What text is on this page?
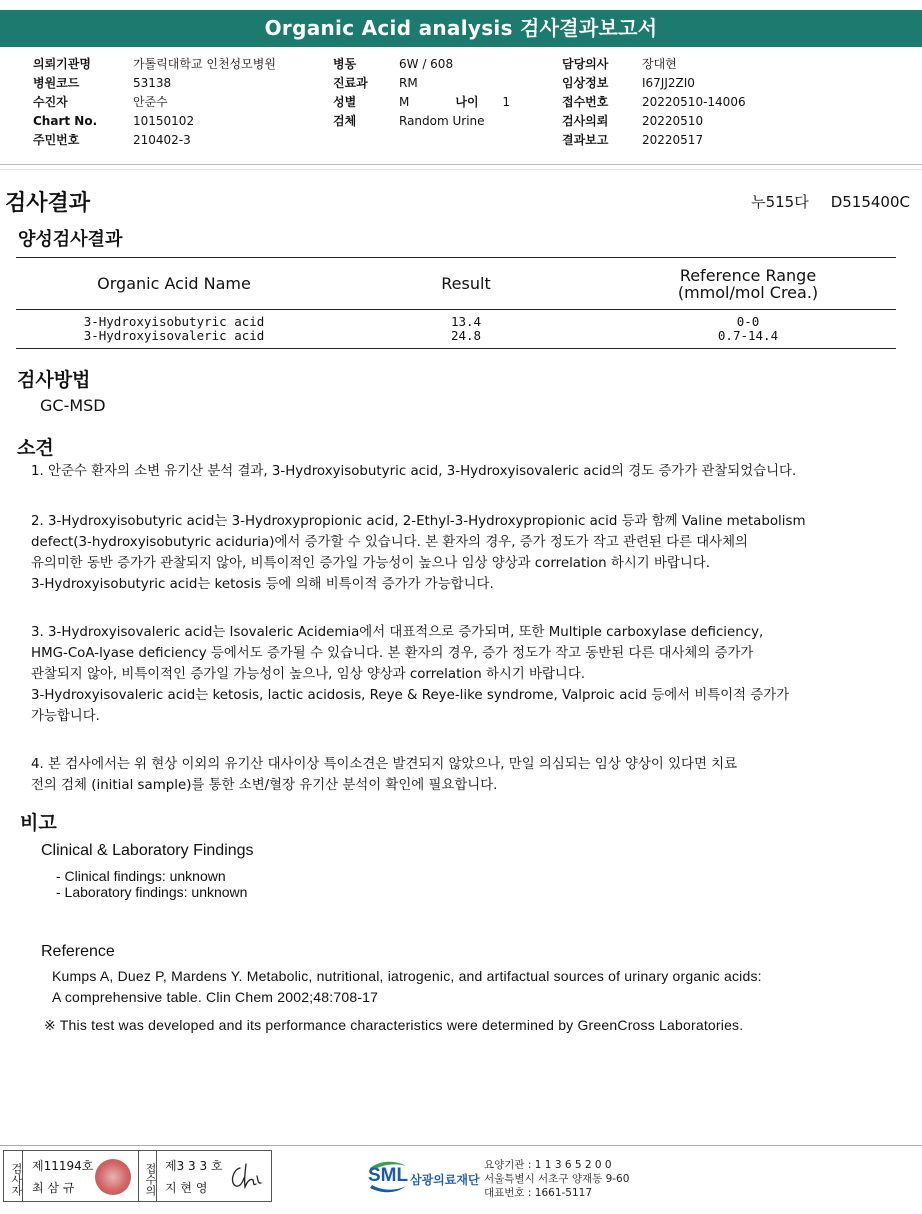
Organic Acid analysis 검사결과보고서
의뢰기관명	가톨릭대학교 인천성모병원
병원코드	53138
수진자	안준수
Chart No.	10150102
주민번호	210402-3
병동	6W / 608
진료과	RM
성별	M	나이 1
검체	Random Urine
담당의사	장대현
임상정보	I67JJ2ZI0
접수번호	20220510-14006
검사의뢰	20220510
결과보고	20220517
검사결과	누515다 D515400C
양성검사결과
Organic Acid Name	Result	Reference Range
(mmol/mol Crea.)

3-Hydroxyisobutyric acid	13.4	0-0
3-Hydroxyisovaleric acid	24.8	0.7-14.4
검사방법
GC-MSD
소견

1. 안준수 환자의 소변 유기산 분석 결과, 3-Hydroxyisobutyric acid, 3-Hydroxyisovaleric acid의 경도 증가가 관찰되었습니다.

2. 3-Hydroxyisobutyric acid는 3-Hydroxypropionic acid, 2-Ethyl-3-Hydroxypropionic acid 등과 함께 Valine metabolism

defect(3-hydroxyisobutyric aciduria)에서 증가할 수 있습니다. 본 환자의 경우, 증가 정도가 작고 관련된 다른 대사체의

유의미한 동반 증가가 관찰되지 않아, 비특이적인 증가일 가능성이 높으나 임상 양상과 correlation 하시기 바랍니다.

3-Hydroxyisobutyric acid는 ketosis 등에 의해 비특이적 증가가 가능합니다.

3. 3-Hydroxyisovaleric acid는 Isovaleric Acidemia에서 대표적으로 증가되며, 또한 Multiple carboxylase deficiency,

HMG-CoA-lyase deficiency 등에서도 증가될 수 있습니다. 본 환자의 경우, 증가 정도가 작고 동반된 다른 대사체의 증가가

관찰되지 않아, 비특이적인 증가일 가능성이 높으나, 임상 양상과 correlation 하시기 바랍니다.

3-Hydroxyisovaleric acid는 ketosis, lactic acidosis, Reye & Reye-like syndrome, Valproic acid 등에서 비특이적 증가가

가능합니다.

4. 본 검사에서는 위 현상 이외의 유기산 대사이상 특이소견은 발견되지 않았으나, 만일 의심되는 임상 양상이 있다면 치료

전의 검체 (initial sample)를 통한 소변/혈장 유기산 분석이 확인에 필요합니다.

비고
Clinical & Laboratory Findings
- Clinical findings: unknown
- Laboratory findings: unknown
Reference
Kumps A, Duez P, Mardens Y. Metabolic, nutritional, iatrogenic, and artifactual sources of urinary organic acids:
A comprehensive table. Clin Chem 2002;48:708-17
※ This test was developed and its performance characteristics were determined by GreenCross Laboratories.
검사자 제11194호
최 삼 규	접수의 제3 3 3 호
지 현 영
SML 삼광의료재단
요양기관 : 1 1 3 6 5 2 0 0
서울특별시 서초구 양재동 9-60
대표번호 : 1661-5117
